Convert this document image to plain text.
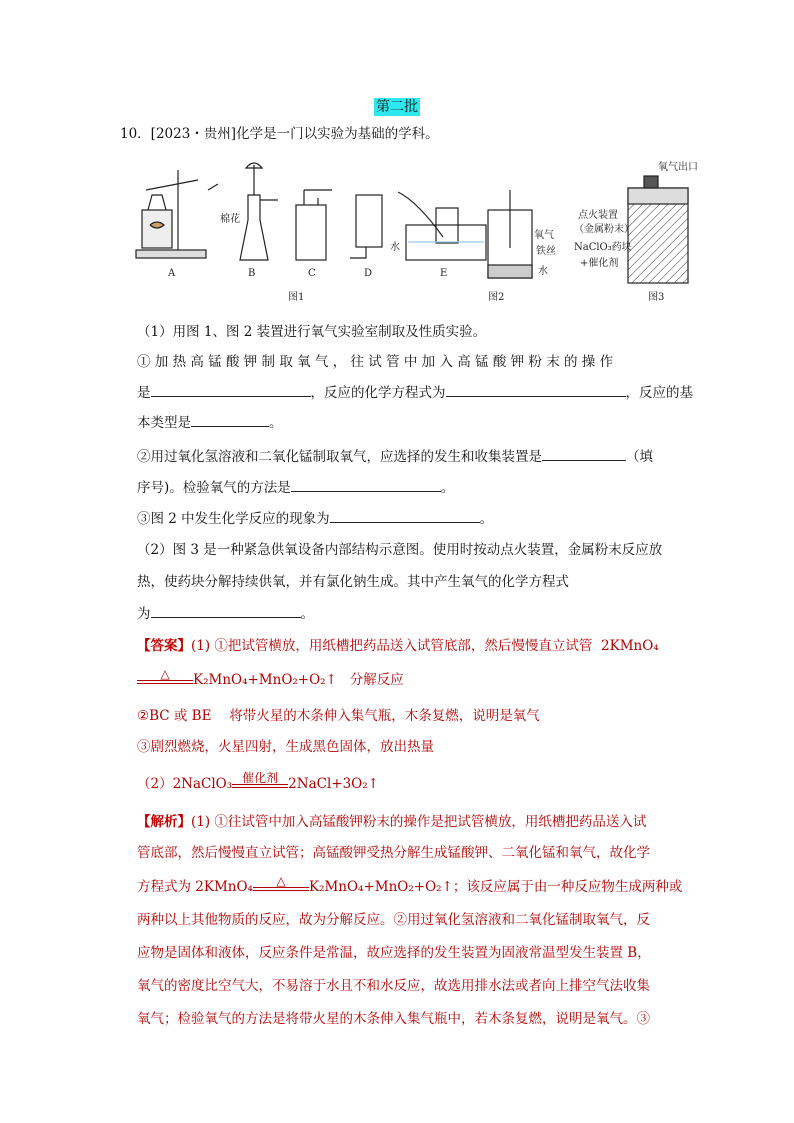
第二批
10．[2023・贵州]化学是一门以实验为基础的学科。
棉花
A	B	C	D	E
水
氧气
铁丝
水
点火装置
（金属粉末）
NaClO₃药块
+催化剂
氧气出口
图1	图2	图3
（1）用图 1、图 2 装置进行氧气实验室制取及性质实验。
① 加 热 高 锰 酸 钾 制 取 氧 气 ， 往 试 管 中 加 入 高 锰 酸 钾 粉 末 的 操 作
是	，反应的化学方程式为	，反应的基
本类型是	。
②用过氧化氢溶液和二氧化锰制取氧气，应选择的发生和收集装置是	（填
序号)。检验氧气的方法是	。
③图 2 中发生化学反应的现象为	。
（2）图 3 是一种紧急供氧设备内部结构示意图。使用时按动点火装置，金属粉末反应放
热，使药块分解持续供氧，并有氯化钠生成。其中产生氧气的化学方程式
为	。
【答案】(1) ①把试管横放，用纸槽把药品送入试管底部，然后慢慢直立试管 2KMnO₄
△	K₂MnO₄+MnO₂+O₂↑ 分解反应
②BC 或 BE　 将带火星的木条伸入集气瓶，木条复燃，说明是氧气
③剧烈燃烧，火星四射，生成黑色固体，放出热量
（2）2NaClO₃ 催化剂 2NaCl+3O₂↑
【解析】(1) ①往试管中加入高锰酸钾粉末的操作是把试管横放，用纸槽把药品送入试
管底部，然后慢慢直立试管；高锰酸钾受热分解生成锰酸钾、二氧化锰和氧气，故化学
方程式为 2KMnO₄	△	K₂MnO₄+MnO₂+O₂↑；该反应属于由一种反应物生成两种或
两种以上其他物质的反应，故为分解反应。②用过氧化氢溶液和二氧化锰制取氧气，反
应物是固体和液体，反应条件是常温，故应选择的发生装置为固液常温型发生装置 B，
氧气的密度比空气大，不易溶于水且不和水反应，故选用排水法或者向上排空气法收集
氧气；检验氧气的方法是将带火星的木条伸入集气瓶中，若木条复燃，说明是氧气。③
